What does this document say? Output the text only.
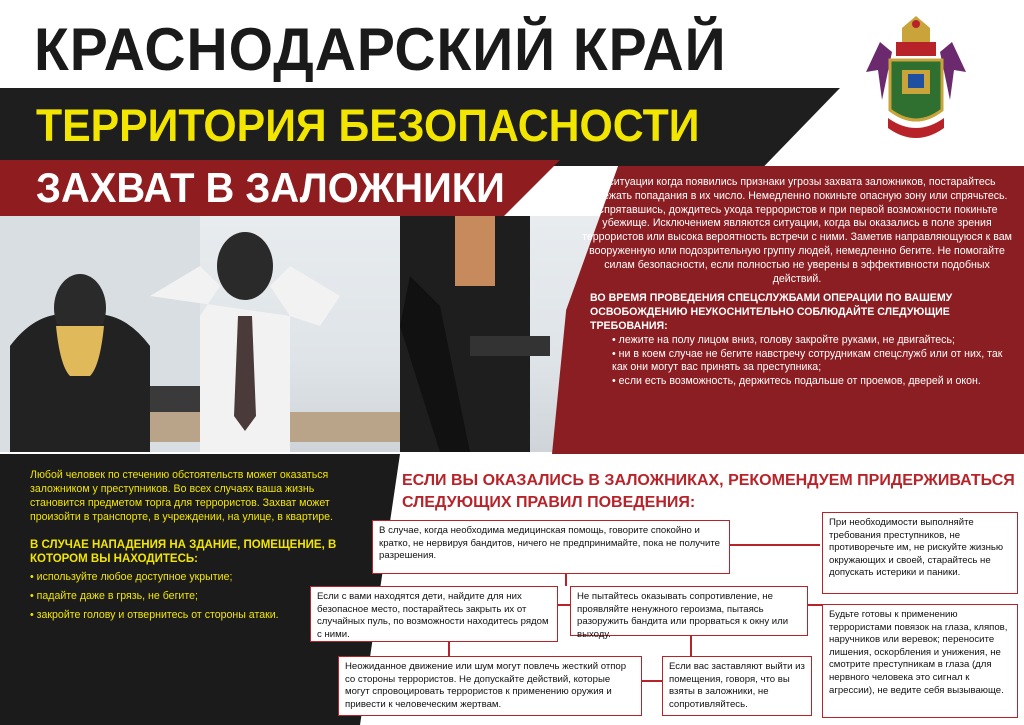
КРАСНОДАРСКИЙ КРАЙ
ТЕРРИТОРИЯ БЕЗОПАСНОСТИ
ЗАХВАТ В ЗАЛОЖНИКИ	В ситуации когда появились признаки угрозы захвата заложников, постарайтесь избежать попадания в их число. Немедленно покиньте опасную зону или спрячьтесь. Спрятавшись, дождитесь ухода террористов и при первой возможности покиньте убежище. Исключением являются ситуации, когда вы оказались в поле зрения террористов или высока вероятность встречи с ними. Заметив направляющуюся к вам вооруженную или подозрительную группу людей, немедленно бегите. Не помогайте силам безопасности, если полностью не уверены в эффективности подобных действий.

ВО ВРЕМЯ ПРОВЕДЕНИЯ СПЕЦСЛУЖБАМИ ОПЕРАЦИИ ПО ВАШЕМУ ОСВОБОЖДЕНИЮ НЕУКОСНИТЕЛЬНО СОБЛЮДАЙТЕ СЛЕДУЮЩИЕ ТРЕБОВАНИЯ:

• лежите на полу лицом вниз, голову закройте руками, не двигайтесь;
• ни в коем случае не бегите навстречу сотрудникам спецслужб или от них, так как они могут вас принять за преступника;
• если есть возможность, держитесь подальше от проемов, дверей и окон.

Любой человек по стечению обстоятельств может оказаться заложником у преступников. Во всех случаях ваша жизнь становится предметом торга для террористов. Захват может произойти в транспорте, в учреждении, на улице, в квартире.

В СЛУЧАЕ НАПАДЕНИЯ НА ЗДАНИЕ, ПОМЕЩЕНИЕ, В КОТОРОМ ВЫ НАХОДИТЕСЬ:

• используйте любое доступное укрытие;
• падайте даже в грязь, не бегите;
• закройте голову и отвернитесь от стороны атаки.
ЕСЛИ ВЫ ОКАЗАЛИСЬ В ЗАЛОЖНИКАХ, РЕКОМЕНДУЕМ ПРИДЕРЖИВАТЬСЯ СЛЕДУЮЩИХ ПРАВИЛ ПОВЕДЕНИЯ:
В случае, когда необходима медицинская помощь, говорите спокойно и кратко, не нервируя бандитов, ничего не предпринимайте, пока не получите разрешения.
Если с вами находятся дети, найдите для них безопасное место, постарайтесь закрыть их от случайных пуль, по возможности находитесь рядом с ними.
Не пытайтесь оказывать сопротивление, не проявляйте ненужного героизма, пытаясь разоружить бандита или прорваться к окну или выходу.
Неожиданное движение или шум могут повлечь жесткий отпор со стороны террористов. Не допускайте действий, которые могут спровоцировать террористов к применению оружия и привести к человеческим жертвам.
Если вас заставляют выйти из помещения, говоря, что вы взяты в заложники, не сопротивляйтесь.
При необходимости выполняйте требования преступников, не противоречьте им, не рискуйте жизнью окружающих и своей, старайтесь не допускать истерики и паники.
Будьте готовы к применению террористами повязок на глаза, кляпов, наручников или веревок; переносите лишения, оскорбления и унижения, не смотрите преступникам в глаза (для нервного человека это сигнал к агрессии), не ведите себя вызывающе.
